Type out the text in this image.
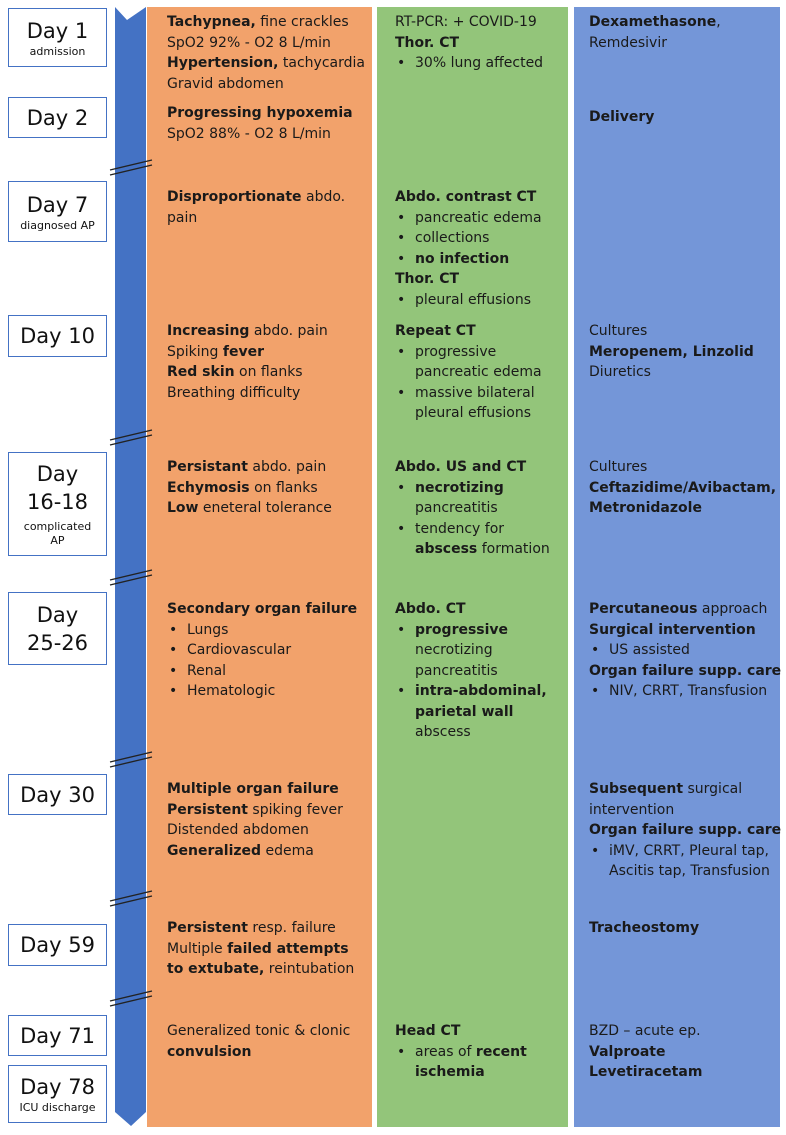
Day 1
admission
Day 2
Day 7
diagnosed AP
Day 10
Day
16-18
complicated
AP
Day
25-26
Day 30
Day 59
Day 71
Day 78
ICU discharge
Tachypnea, fine crackles
SpO2 92% - O2 8 L/min
Hypertension, tachycardia
Gravid abdomen
Progressing hypoxemia
SpO2 88% - O2 8 L/min
Disproportionate abdo.
pain
Increasing abdo. pain
Spiking fever
Red skin on flanks
Breathing difficulty
Persistant abdo. pain
Echymosis on flanks
Low eneteral tolerance
Secondary organ failure
• Lungs
• Cardiovascular
• Renal
• Hematologic
Multiple organ failure
Persistent spiking fever
Distended abdomen
Generalized edema
Persistent resp. failure
Multiple failed attempts
to extubate, reintubation
Generalized tonic & clonic
convulsion
RT-PCR: + COVID-19
Thor. CT
• 30% lung affected
Abdo. contrast CT
• pancreatic edema
• collections
• no infection
Thor. CT
• pleural effusions
Repeat CT
• progressive
pancreatic edema
• massive bilateral
pleural effusions
Abdo. US and CT
• necrotizing
pancreatitis
• tendency for
abscess formation
Abdo. CT
• progressive
necrotizing
pancreatitis
• intra-abdominal,
parietal wall
abscess
Head CT
• areas of recent
ischemia
Dexamethasone,
Remdesivir
Delivery
Cultures
Meropenem, Linzolid
Diuretics
Cultures
Ceftazidime/Avibactam,
Metronidazole
Percutaneous approach
Surgical intervention
• US assisted
Organ failure supp. care
• NIV, CRRT, Transfusion
Subsequent surgical
intervention
Organ failure supp. care
• iMV, CRRT, Pleural tap,
Ascitis tap, Transfusion
Tracheostomy
BZD – acute ep.
Valproate
Levetiracetam
